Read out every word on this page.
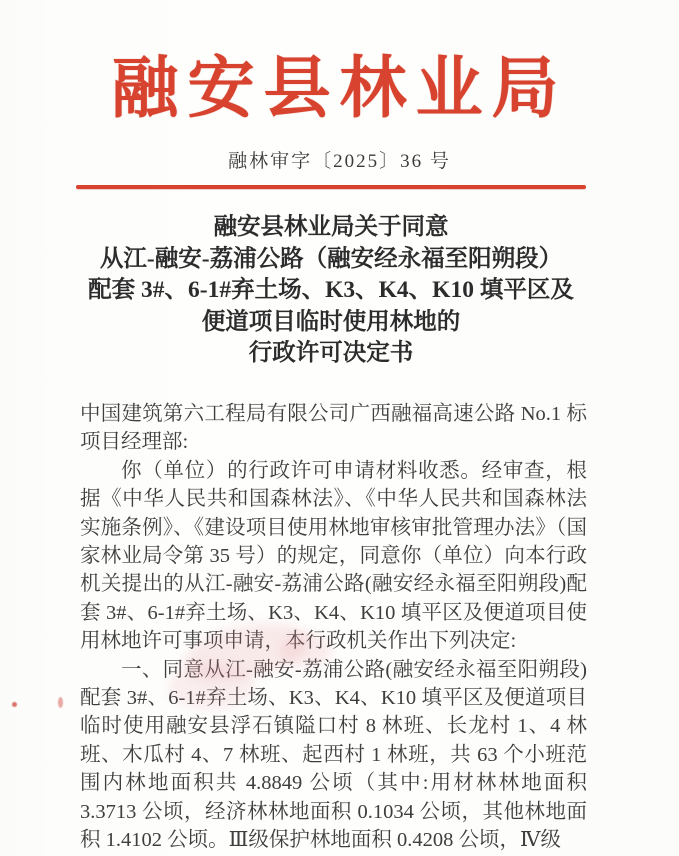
融安县林业局
融林审字〔2025〕36 号
融安县林业局关于同意
从江-融安-荔浦公路（融安经永福至阳朔段）
配套 3#、6-1#弃土场、K3、K4、K10 填平区及
便道项目临时使用林地的
行政许可决定书

中国建筑第六工程局有限公司广西融福高速公路 No.1 标项目经理部:

你（单位）的行政许可申请材料收悉。经审查，根据《中华人民共和国森林法》、《中华人民共和国森林法实施条例》、《建设项目使用林地审核审批管理办法》（国家林业局令第 35 号）的规定，同意你（单位）向本行政机关提出的从江-融安-荔浦公路(融安经永福至阳朔段)配套 3#、6-1#弃土场、K3、K4、K10 填平区及便道项目使用林地许可事项申请，本行政机关作出下列决定:

一、同意从江-融安-荔浦公路(融安经永福至阳朔段)配套 3#、6-1#弃土场、K3、K4、K10 填平区及便道项目临时使用融安县浮石镇隘口村 8 林班、长龙村 1、4 林班、木瓜村 4、7 林班、起西村 1 林班，共 63 个小班范围内林地面积共 4.8849 公顷（其中:用材林林地面积 3.3713 公顷，经济林林地面积 0.1034 公顷，其他林地面积 1.4102 公顷。Ⅲ级保护林地面积 0.4208 公顷，Ⅳ级
